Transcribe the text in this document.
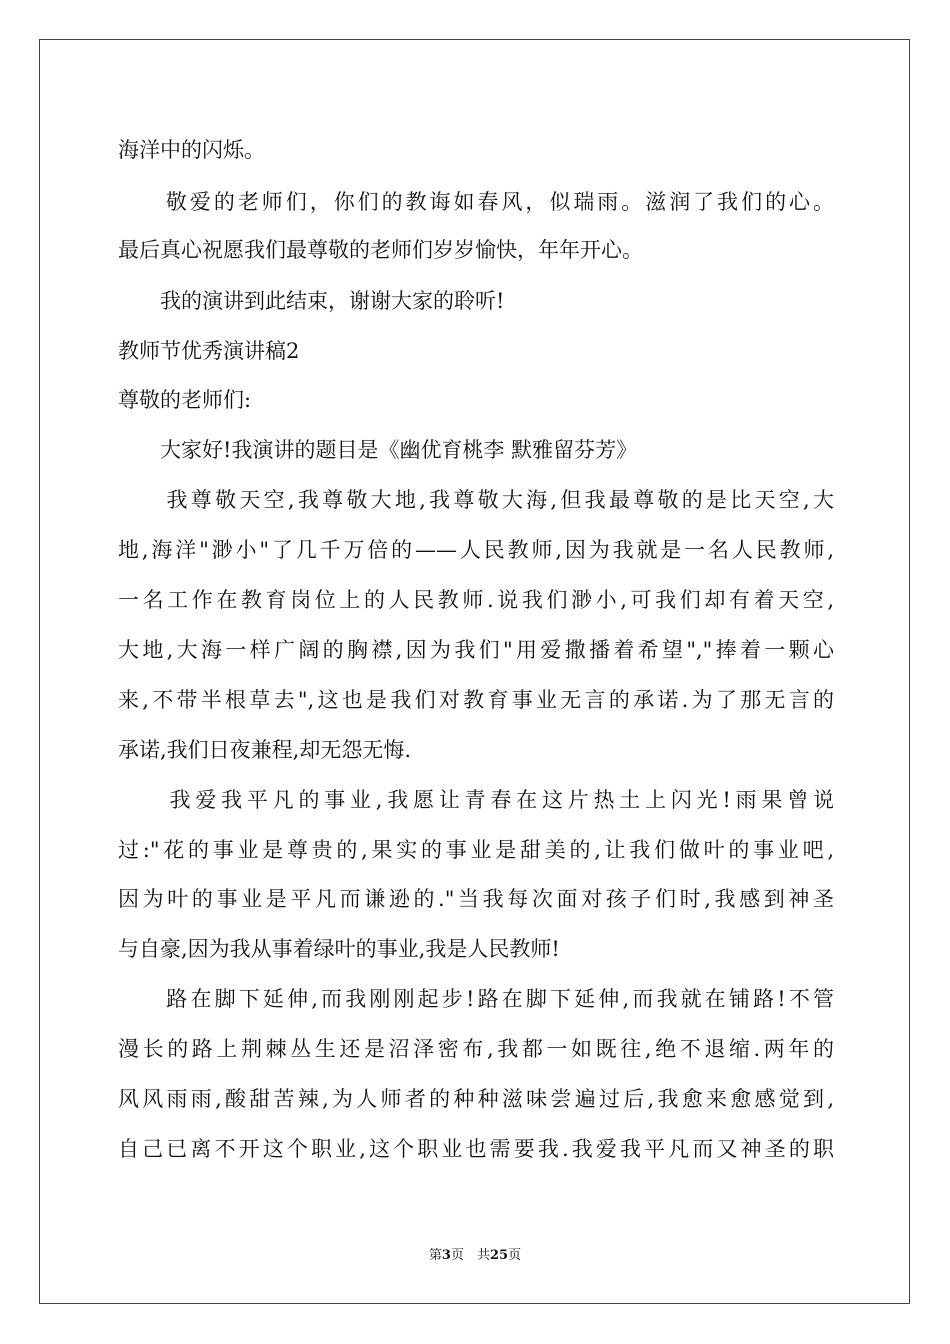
海洋中的闪烁。
　　敬爱的老师们，你们的教诲如春风，似瑞雨。滋润了我们的心。
最后真心祝愿我们最尊敬的老师们岁岁愉快，年年开心。
　　我的演讲到此结束，谢谢大家的聆听!
教师节优秀演讲稿2
尊敬的老师们:
　　大家好!我演讲的题目是《幽优育桃李 默雅留芬芳》
　　我尊敬天空,我尊敬大地,我尊敬大海,但我最尊敬的是比天空,大
地,海洋"渺小"了几千万倍的——人民教师,因为我就是一名人民教师,
一名工作在教育岗位上的人民教师.说我们渺小,可我们却有着天空,
大地,大海一样广阔的胸襟,因为我们"用爱撒播着希望","捧着一颗心
来,不带半根草去",这也是我们对教育事业无言的承诺.为了那无言的
承诺,我们日夜兼程,却无怨无悔.
　　我爱我平凡的事业,我愿让青春在这片热土上闪光!雨果曾说
过:"花的事业是尊贵的,果实的事业是甜美的,让我们做叶的事业吧,
因为叶的事业是平凡而谦逊的."当我每次面对孩子们时,我感到神圣
与自豪,因为我从事着绿叶的事业,我是人民教师!
　　路在脚下延伸,而我刚刚起步!路在脚下延伸,而我就在铺路!不管
漫长的路上荆棘丛生还是沼泽密布,我都一如既往,绝不退缩.两年的
风风雨雨,酸甜苦辣,为人师者的种种滋味尝遍过后,我愈来愈感觉到,
自己已离不开这个职业,这个职业也需要我.我爱我平凡而又神圣的职
第3页　共25页
